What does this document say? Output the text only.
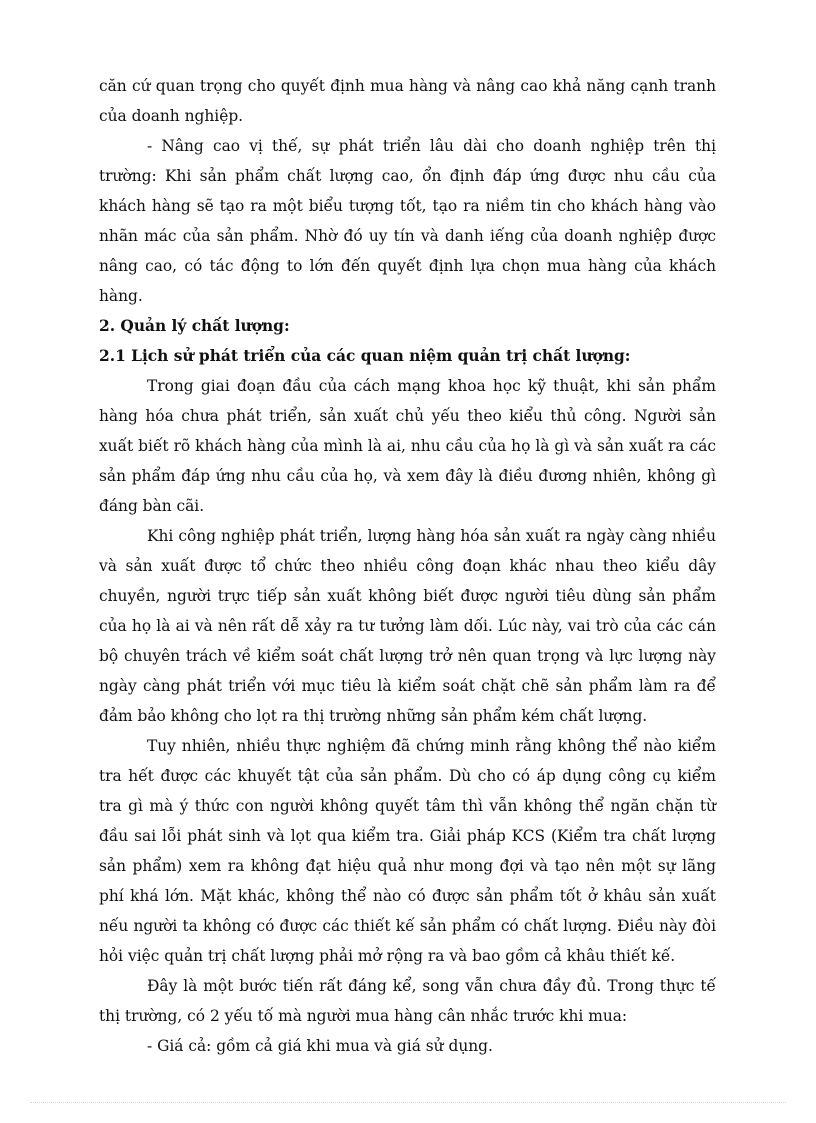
căn cứ quan trọng cho quyết định mua hàng và nâng cao khả năng cạnh tranh của doanh nghiệp.

- Nâng cao vị thế, sự phát triển lâu dài cho doanh nghiệp trên thị trường: Khi sản phẩm chất lượng cao, ổn định đáp ứng được nhu cầu của khách hàng sẽ tạo ra một biểu tượng tốt, tạo ra niềm tin cho khách hàng vào nhãn mác của sản phẩm. Nhờ đó uy tín và danh iếng của doanh nghiệp được nâng cao, có tác động to lớn đến quyết định lựa chọn mua hàng của khách hàng.

2. Quản lý chất lượng:

2.1 Lịch sử phát triển của các quan niệm quản trị chất lượng:

Trong giai đoạn đầu của cách mạng khoa học kỹ thuật, khi sản phẩm hàng hóa chưa phát triển, sản xuất chủ yếu theo kiểu thủ công. Người sản xuất biết rõ khách hàng của mình là ai, nhu cầu của họ là gì và sản xuất ra các sản phẩm đáp ứng nhu cầu của họ, và xem đây là điều đương nhiên, không gì đáng bàn cãi.

Khi công nghiệp phát triển, lượng hàng hóa sản xuất ra ngày càng nhiều và sản xuất được tổ chức theo nhiều công đoạn khác nhau theo kiểu dây chuyền, người trực tiếp sản xuất không biết được người tiêu dùng sản phẩm của họ là ai và nên rất dễ xảy ra tư tưởng làm dối. Lúc này, vai trò của các cán bộ chuyên trách về kiểm soát chất lượng trở nên quan trọng và lực lượng này ngày càng phát triển với mục tiêu là kiểm soát chặt chẽ sản phẩm làm ra để đảm bảo không cho lọt ra thị trường những sản phẩm kém chất lượng.

Tuy nhiên, nhiều thực nghiệm đã chứng minh rằng không thể nào kiểm tra hết được các khuyết tật của sản phẩm. Dù cho có áp dụng công cụ kiểm tra gì mà ý thức con người không quyết tâm thì vẫn không thể ngăn chặn từ đầu sai lỗi phát sinh và lọt qua kiểm tra. Giải pháp KCS (Kiểm tra chất lượng sản phẩm) xem ra không đạt hiệu quả như mong đợi và tạo nên một sự lãng phí khá lớn. Mặt khác, không thể nào có được sản phẩm tốt ở khâu sản xuất nếu người ta không có được các thiết kế sản phẩm có chất lượng. Điều này đòi hỏi việc quản trị chất lượng phải mở rộng ra và bao gồm cả khâu thiết kế.

Đây là một bước tiến rất đáng kể, song vẫn chưa đầy đủ. Trong thực tế thị trường, có 2 yếu tố mà người mua hàng cân nhắc trước khi mua:

- Giá cả: gồm cả giá khi mua và giá sử dụng.
